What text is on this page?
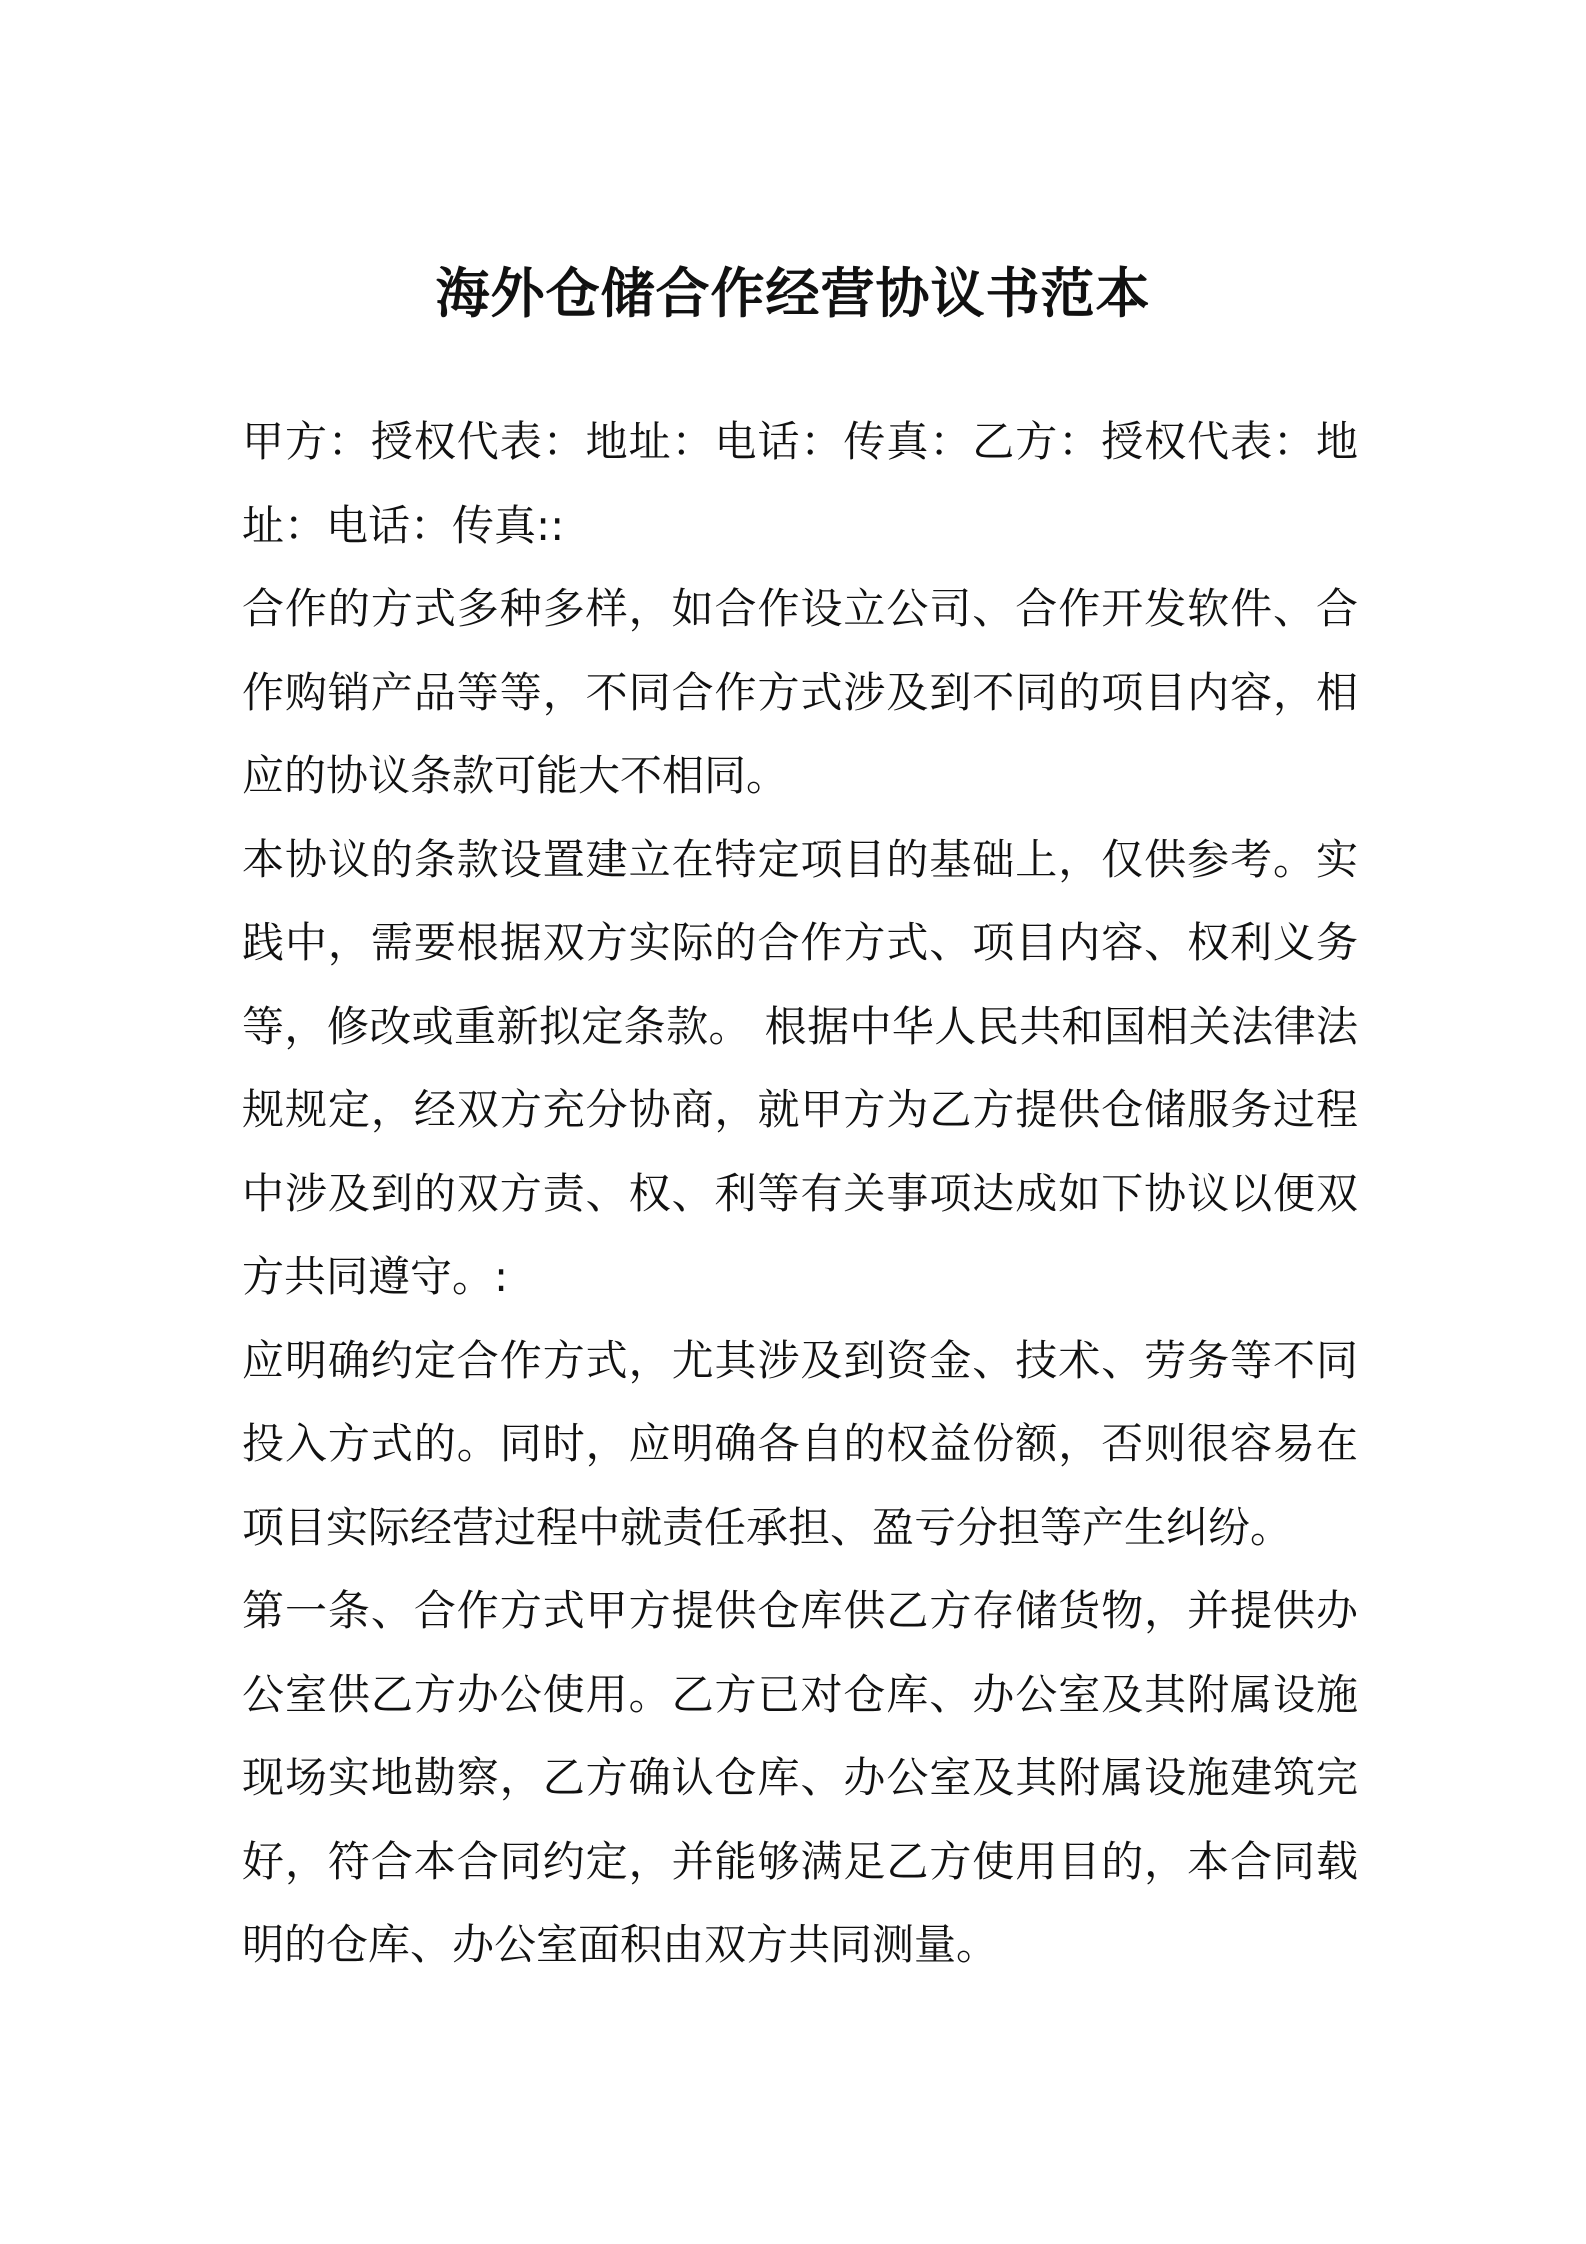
海外仓储合作经营协议书范本

甲方：授权代表：地址：电话：传真：乙方：授权代表：地址：电话：传真::

合作的方式多种多样，如合作设立公司、合作开发软件、合作购销产品等等，不同合作方式涉及到不同的项目内容，相应的协议条款可能大不相同。

本协议的条款设置建立在特定项目的基础上，仅供参考。实践中，需要根据双方实际的合作方式、项目内容、权利义务等，修改或重新拟定条款。 根据中华人民共和国相关法律法规规定，经双方充分协商，就甲方为乙方提供仓储服务过程中涉及到的双方责、权、利等有关事项达成如下协议以便双方共同遵守。:

应明确约定合作方式，尤其涉及到资金、技术、劳务等不同投入方式的。同时，应明确各自的权益份额，否则很容易在项目实际经营过程中就责任承担、盈亏分担等产生纠纷。

第一条、合作方式甲方提供仓库供乙方存储货物，并提供办公室供乙方办公使用。乙方已对仓库、办公室及其附属设施现场实地勘察，乙方确认仓库、办公室及其附属设施建筑完好，符合本合同约定，并能够满足乙方使用目的，本合同载明的仓库、办公室面积由双方共同测量。
